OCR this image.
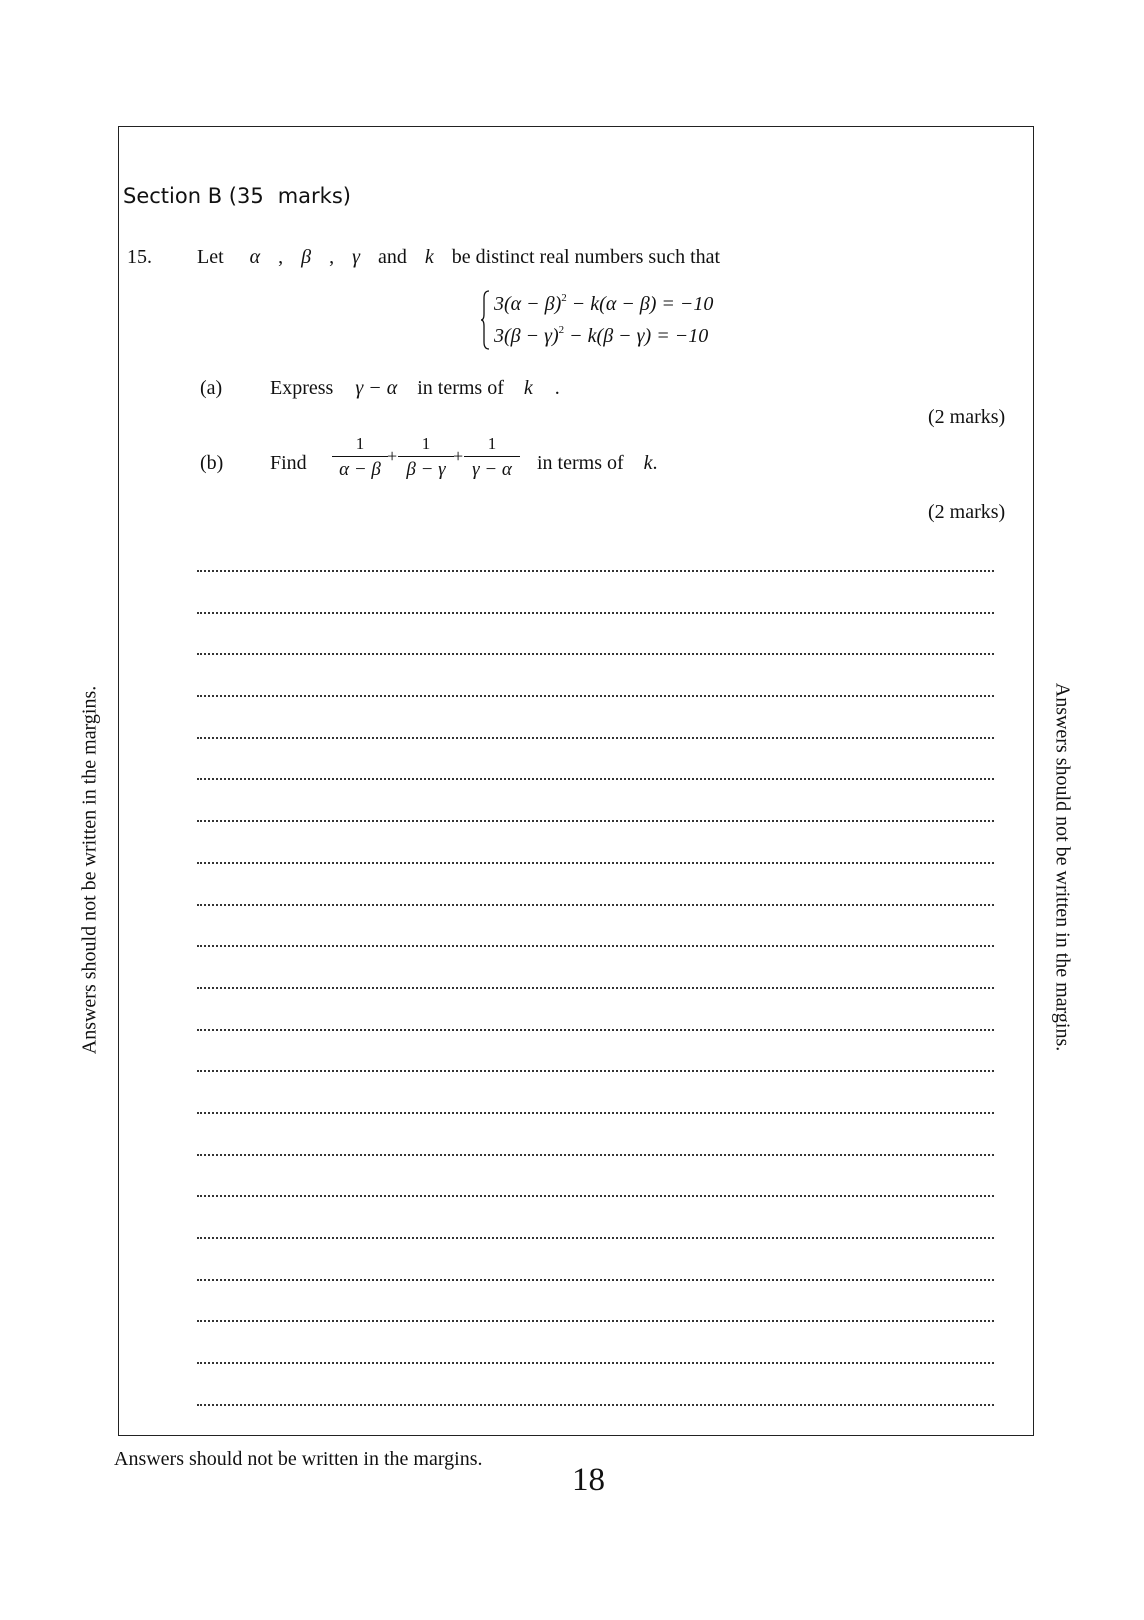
Section B (35 marks)
15. Let α , β , γ and k be distinct real numbers such that
$3(\alpha - \beta)^2 - k(\alpha - \beta) = -10$
$3(\beta - \gamma)^2 - k(\beta - \gamma) = -10$
(a) Express γ − α in terms of k .
(2 marks)
(b) Find
1
α − β
+
1
β − γ
+
1
γ − α	in terms of k.
(2 marks)
Answers should not be written in the margins.	Answers should not be written in the margins.
Answers should not be written in the margins.
18
